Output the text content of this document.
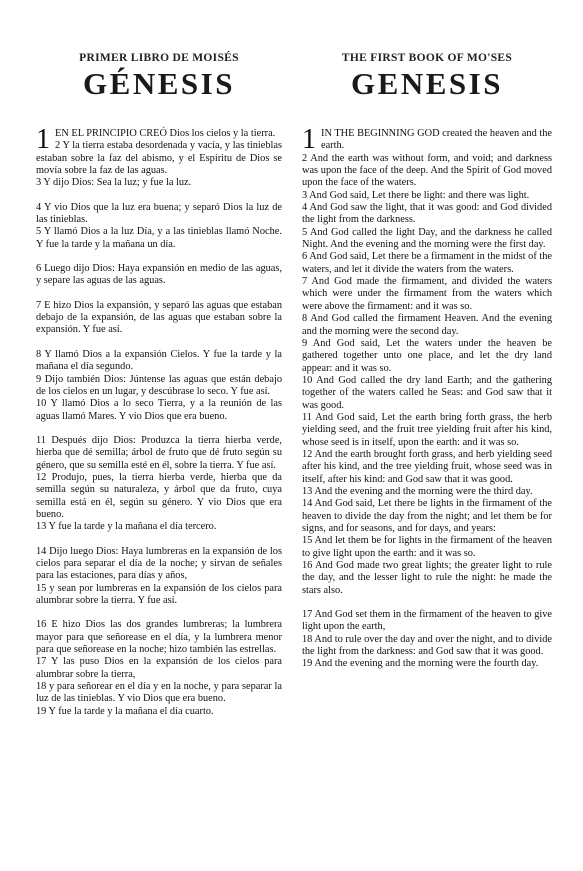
PRIMER LIBRO DE MOISÉS
GÉNESIS

1 EN EL PRINCIPIO CREÓ Dios los cielos y la tierra.

2 Y la tierra estaba desordenada y vacía, y las tinieblas estaban sobre la faz del abismo, y el Espíritu de Dios se movía sobre la faz de las aguas.

3 Y dijo Dios: Sea la luz; y fue la luz.

4 Y vio Dios que la luz era buena; y separó Dios la luz de las tinieblas.

5 Y llamó Dios a la luz Día, y a las tinieblas llamó Noche. Y fue la tarde y la mañana un día.

6 Luego dijo Dios: Haya expansión en medio de las aguas, y separe las aguas de las aguas.

7 E hizo Dios la expansión, y separó las aguas que estaban debajo de la expansión, de las aguas que estaban sobre la expansión. Y fue así.

8 Y llamó Dios a la expansión Cielos. Y fue la tarde y la mañana el día segundo.

9 Dijo también Dios: Júntense las aguas que están debajo de los cielos en un lugar, y descúbrase lo seco. Y fue así.

10 Y llamó Dios a lo seco Tierra, y a la reunión de las aguas llamó Mares. Y vio Dios que era bueno.

11 Después dijo Dios: Produzca la tierra hierba verde, hierba que dé semilla; árbol de fruto que dé fruto según su género, que su semilla esté en él, sobre la tierra. Y fue así.

12 Produjo, pues, la tierra hierba verde, hierba que da semilla según su naturaleza, y árbol que da fruto, cuya semilla está en él, según su género. Y vio Dios que era bueno.

13 Y fue la tarde y la mañana el día tercero.

14 Dijo luego Dios: Haya lumbreras en la expansión de los cielos para separar el día de la noche; y sirvan de señales para las estaciones, para días y años,

15 y sean por lumbreras en la expansión de los cielos para alumbrar sobre la tierra. Y fue así.

16 E hizo Dios las dos grandes lumbreras; la lumbrera mayor para que señorease en el día, y la lumbrera menor para que señorease en la noche; hizo también las estrellas.

17 Y las puso Dios en la expansión de los cielos para alumbrar sobre la tierra,

18 y para señorear en el día y en la noche, y para separar la luz de las tinieblas. Y vio Dios que era bueno.

19 Y fue la tarde y la mañana el día cuarto.

THE FIRST BOOK OF MO'SES
GENESIS

1 IN THE BEGINNING GOD created the heaven and the earth.

2 And the earth was without form, and void; and darkness was upon the face of the deep. And the Spirit of God moved upon the face of the waters.

3 And God said, Let there be light: and there was light.

4 And God saw the light, that it was good: and God divided the light from the darkness.

5 And God called the light Day, and the darkness he called Night. And the evening and the morning were the first day.

6 And God said, Let there be a firmament in the midst of the waters, and let it divide the waters from the waters.

7 And God made the firmament, and divided the waters which were under the firmament from the waters which were above the firmament: and it was so.

8 And God called the firmament Heaven. And the evening and the morning were the second day.

9 And God said, Let the waters under the heaven be gathered together unto one place, and let the dry land appear: and it was so.

10 And God called the dry land Earth; and the gathering together of the waters called he Seas: and God saw that it was good.

11 And God said, Let the earth bring forth grass, the herb yielding seed, and the fruit tree yielding fruit after his kind, whose seed is in itself, upon the earth: and it was so.

12 And the earth brought forth grass, and herb yielding seed after his kind, and the tree yielding fruit, whose seed was in itself, after his kind: and God saw that it was good.

13 And the evening and the morning were the third day.

14 And God said, Let there be lights in the firmament of the heaven to divide the day from the night; and let them be for signs, and for seasons, and for days, and years:

15 And let them be for lights in the firmament of the heaven to give light upon the earth: and it was so.

16 And God made two great lights; the greater light to rule the day, and the lesser light to rule the night: he made the stars also.

17 And God set them in the firmament of the heaven to give light upon the earth,

18 And to rule over the day and over the night, and to divide the light from the darkness: and God saw that it was good.

19 And the evening and the morning were the fourth day.
